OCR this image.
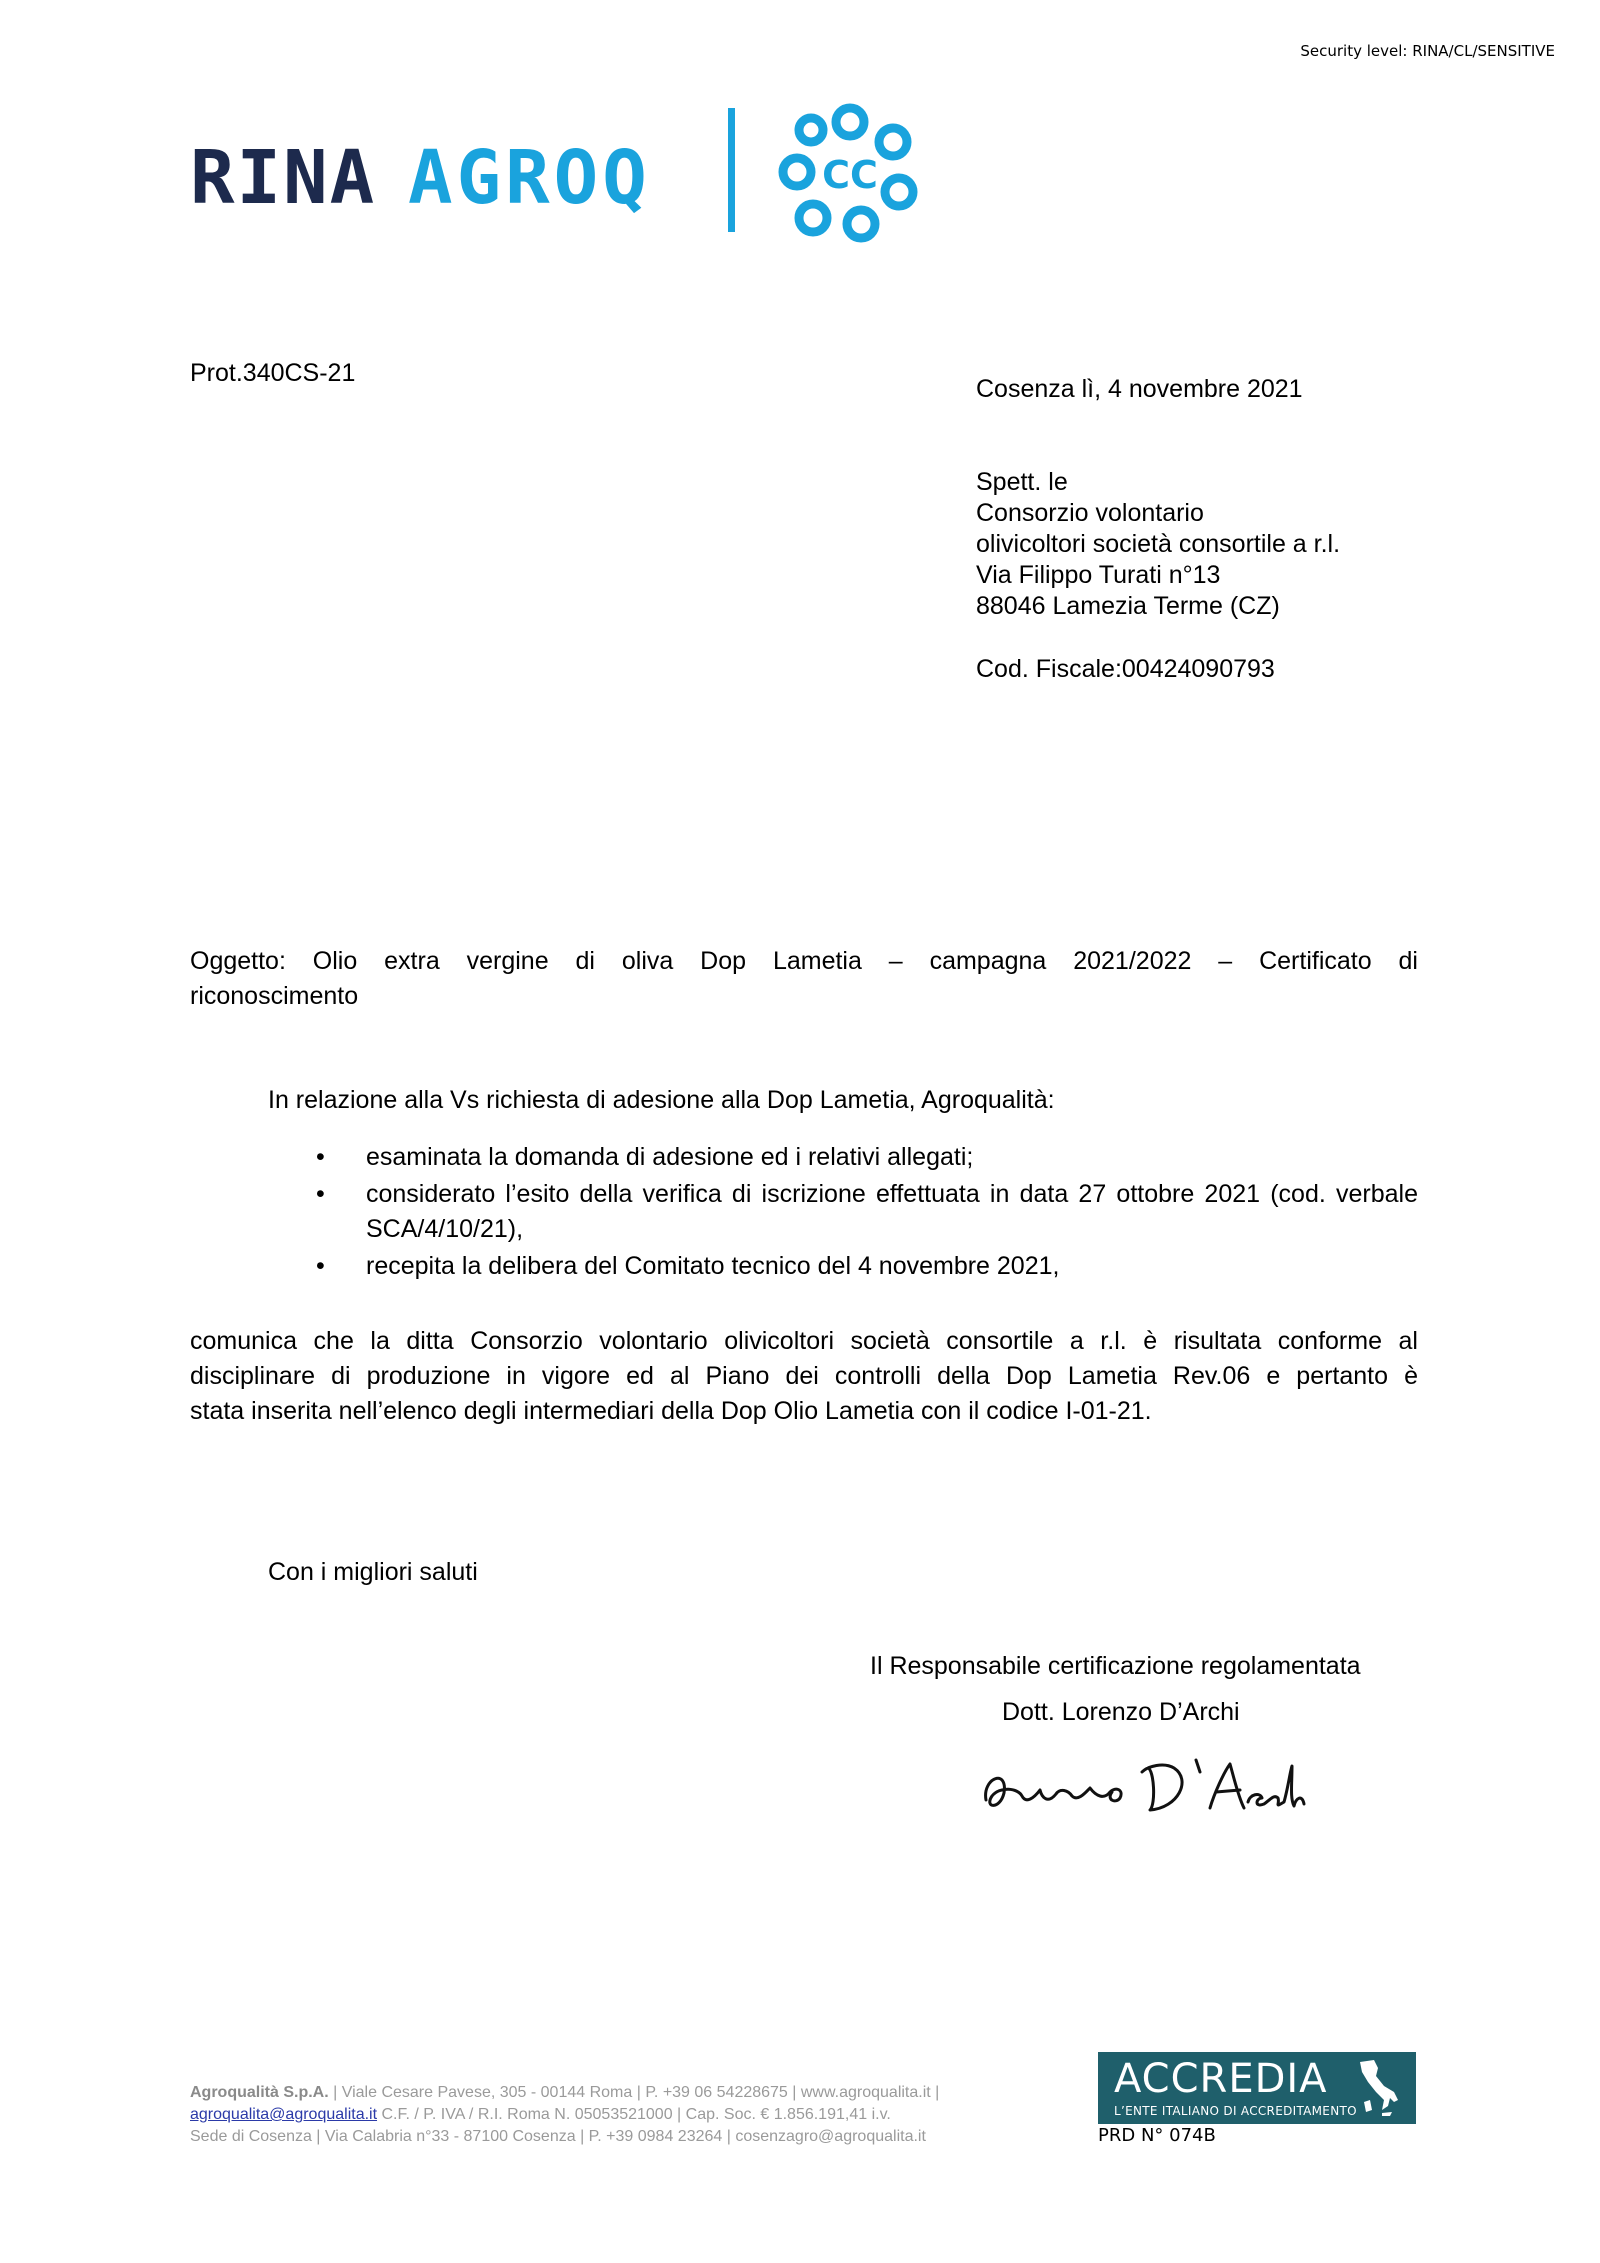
Security level: RINA/CL/SENSITIVE
RINA AGROQ	CC
Prot.340CS-21
Cosenza lì, 4 novembre 2021
Spett. le
Consorzio volontario
olivicoltori società consortile a r.l.
Via Filippo Turati n°13
88046 Lamezia Terme (CZ)
Cod. Fiscale:00424090793
Oggetto: Olio extra vergine di oliva Dop Lametia – campagna 2021/2022 – Certificato di
riconoscimento
In relazione alla Vs richiesta di adesione alla Dop Lametia, Agroqualità:
• esaminata la domanda di adesione ed i relativi allegati;
• considerato l’esito della verifica di iscrizione effettuata in data 27 ottobre 2021 (cod. verbale SCA/4/10/21),
• recepita la delibera del Comitato tecnico del 4 novembre 2021,
comunica che la ditta Consorzio volontario olivicoltori società consortile a r.l. è risultata conforme al
disciplinare di produzione in vigore ed al Piano dei controlli della Dop Lametia Rev.06 e pertanto è
stata inserita nell’elenco degli intermediari della Dop Olio Lametia con il codice I-01-21.
Con i migliori saluti
Il Responsabile certificazione regolamentata
Dott. Lorenzo D’Archi
Agroqualità S.p.A. | Viale Cesare Pavese, 305 - 00144 Roma | P. +39 06 54228675 | www.agroqualita.it |
agroqualita@agroqualita.it C.F. / P. IVA / R.I. Roma N. 05053521000 | Cap. Soc. € 1.856.191,41 i.v.
Sede di Cosenza | Via Calabria n°33 - 87100 Cosenza | P. +39 0984 23264 | cosenzagro@agroqualita.it
ACCREDIA
L’ENTE ITALIANO DI ACCREDITAMENTO
PRD N° 074B
